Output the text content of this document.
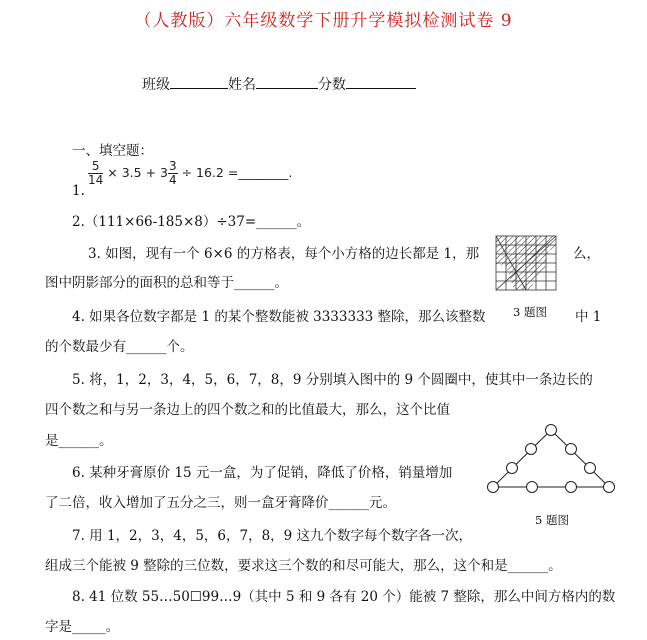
（人教版）六年级数学下册升学模拟检测试卷 9
班级	姓名	分数
一、填空题：
1.
$\frac{5}{14} \times 3.5 + 3 \frac{3}{4} \div 16.2$ =________.
2.（111×66-185×8）÷37=______。
3. 如图，现有一个 6×6 的方格表，每个小方格的边长都是 1，那	么，
图中阴影部分的面积的总和等于______。
3 题图
4. 如果各位数字都是 1 的某个整数能被 3333333 整除，那么该整数	中 1
的个数最少有______个。
5. 将，1，2，3，4，5，6，7，8，9 分别填入图中的 9 个圆圈中，使其中一条边长的
四个数之和与另一条边上的四个数之和的比值最大，那么，这个比值
是______。
5 题图
6. 某种牙膏原价 15 元一盒，为了促销，降低了价格，销量增加
了二倍，收入增加了五分之三，则一盒牙膏降价______元。
7. 用 1，2，3，4，5，6，7，8，9 这九个数字每个数字各一次，
组成三个能被 9 整除的三位数，要求这三个数的和尽可能大，那么，这个和是______。
8. 41 位数 55…50☐99…9（其中 5 和 9 各有 20 个）能被 7 整除，那么中间方格内的数
字是_____。
